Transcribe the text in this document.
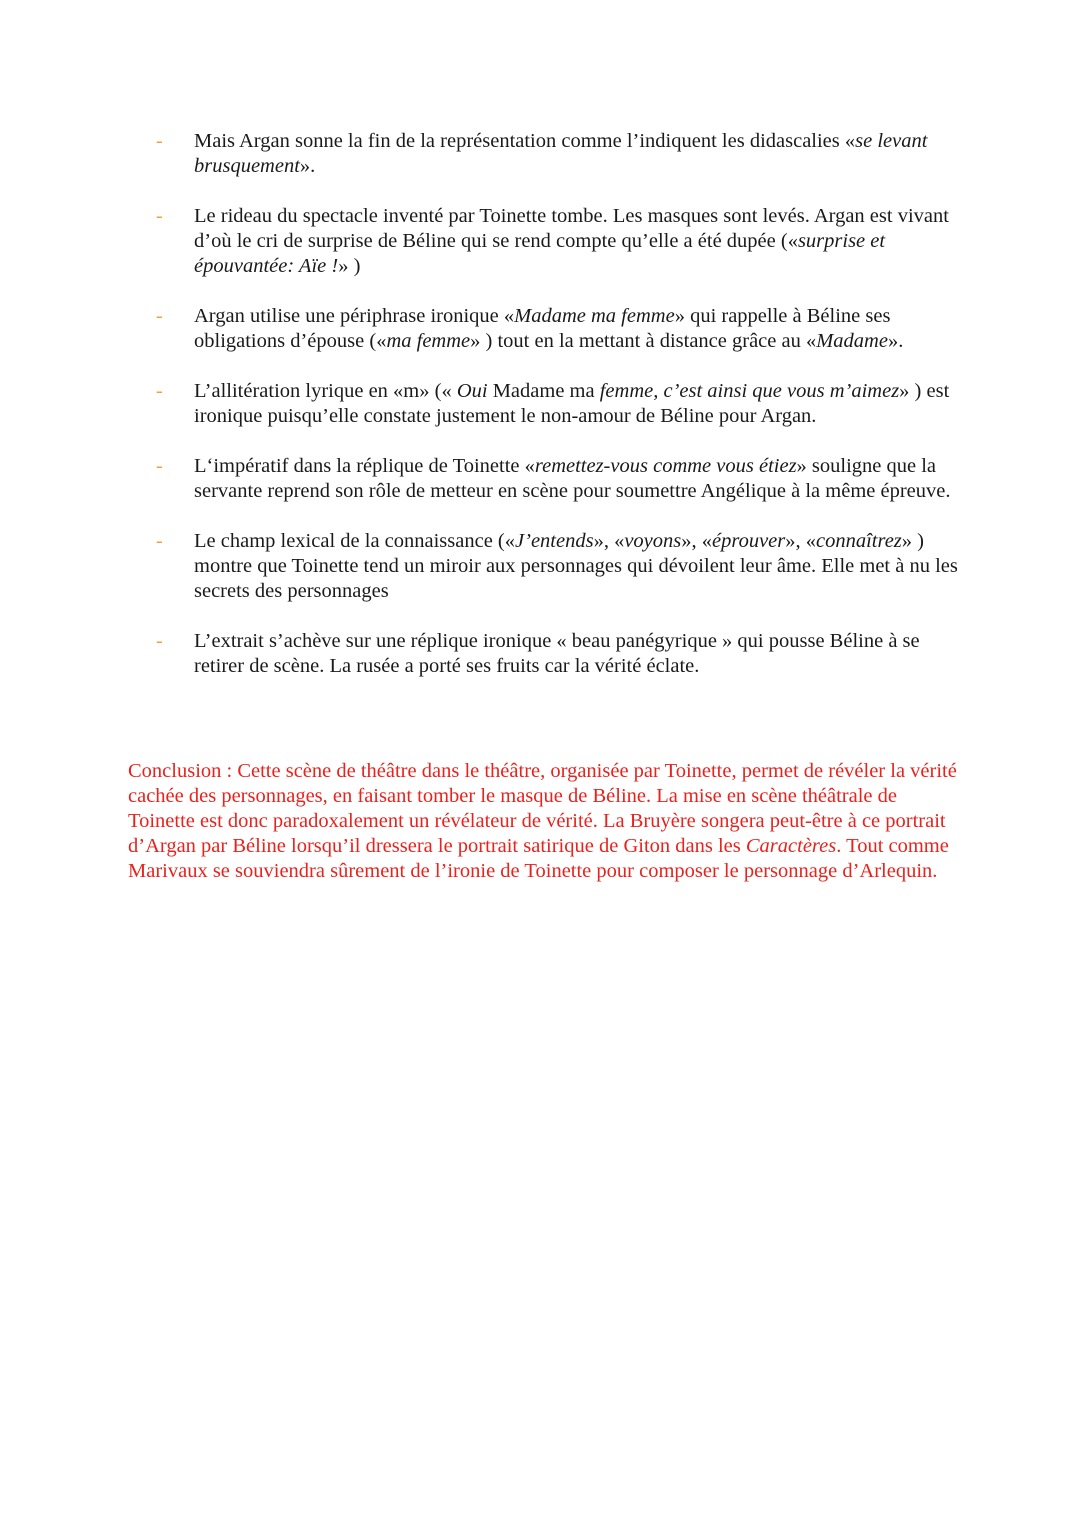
- Mais Argan sonne la fin de la représentation comme l’indiquent les didascalies «se levant brusquement».
- Le rideau du spectacle inventé par Toinette tombe. Les masques sont levés. Argan est vivant d’où le cri de surprise de Béline qui se rend compte qu’elle a été dupée («surprise et épouvantée: Aïe !» )
- Argan utilise une périphrase ironique «Madame ma femme» qui rappelle à Béline ses obligations d’épouse («ma femme» ) tout en la mettant à distance grâce au «Madame».
- L’allitération lyrique en «m» (« Oui Madame ma femme, c’est ainsi que vous m’aimez» ) est ironique puisqu’elle constate justement le non-amour de Béline pour Argan.
- L‘impératif dans la réplique de Toinette «remettez-vous comme vous étiez» souligne que la servante reprend son rôle de metteur en scène pour soumettre Angélique à la même épreuve.
- Le champ lexical de la connaissance («J’entends», «voyons», «éprouver», «connaîtrez» ) montre que Toinette tend un miroir aux personnages qui dévoilent leur âme. Elle met à nu les secrets des personnages
- L’extrait s’achève sur une réplique ironique « beau panégyrique » qui pousse Béline à se retirer de scène. La rusée a porté ses fruits car la vérité éclate.

Conclusion : Cette scène de théâtre dans le théâtre, organisée par Toinette, permet de révéler la vérité cachée des personnages, en faisant tomber le masque de Béline. La mise en scène théâtrale de Toinette est donc paradoxalement un révélateur de vérité. La Bruyère songera peut-être à ce portrait d’Argan par Béline lorsqu’il dressera le portrait satirique de Giton dans les Caractères. Tout comme Marivaux se souviendra sûrement de l’ironie de Toinette pour composer le personnage d’Arlequin.
